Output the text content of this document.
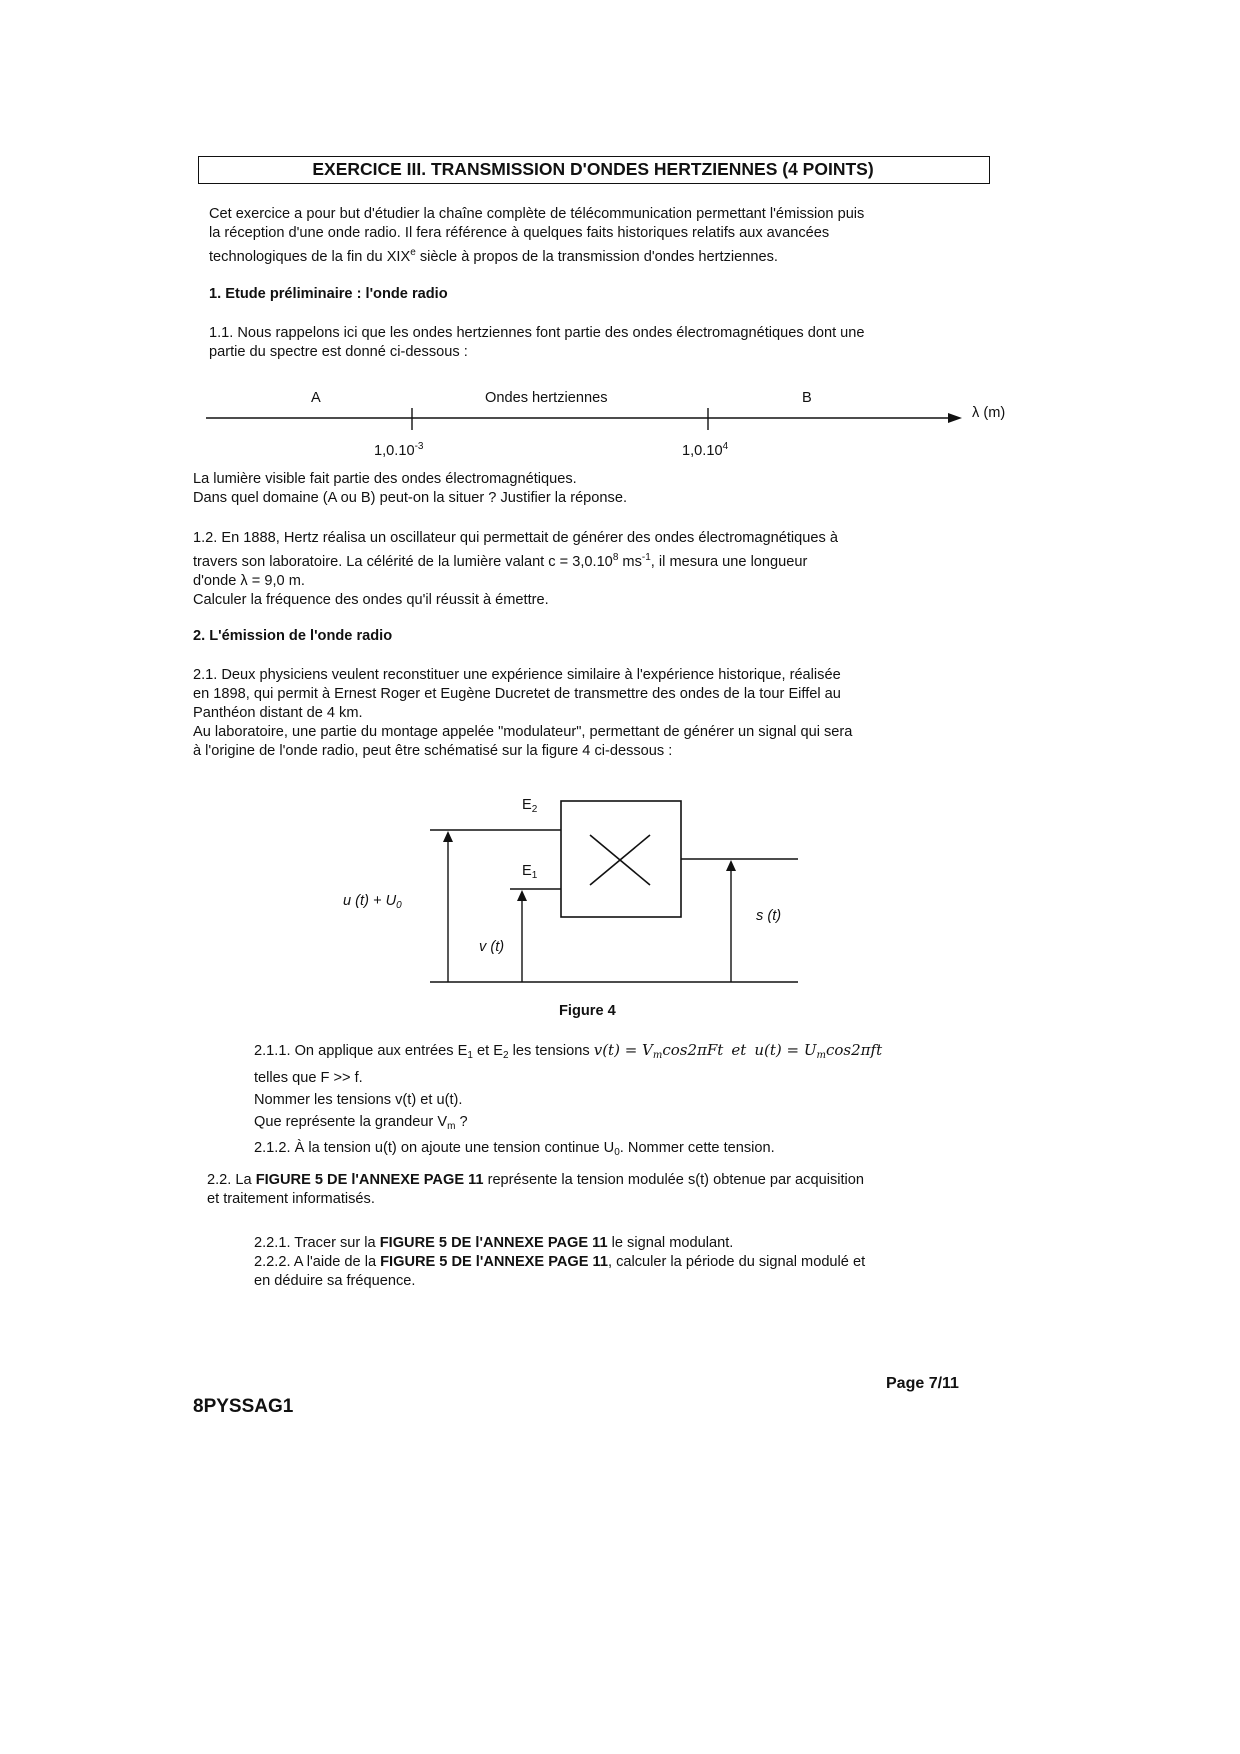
EXERCICE III. TRANSMISSION D'ONDES HERTZIENNES (4 POINTS)

Cet exercice a pour but d'étudier la chaîne complète de télécommunication permettant l'émission puis

la réception d'une onde radio. Il fera référence à quelques faits historiques relatifs aux avancées

technologiques de la fin du XIXe siècle à propos de la transmission d'ondes hertziennes.

1. Etude préliminaire : l'onde radio

1.1. Nous rappelons ici que les ondes hertziennes font partie des ondes électromagnétiques dont une

partie du spectre est donné ci-dessous :

A	Ondes hertziennes	B
λ (m)
$1,0.10^{-3}$	1,0.10$^4$

La lumière visible fait partie des ondes électromagnétiques.

Dans quel domaine (A ou B) peut-on la situer ? Justifier la réponse.

1.2. En 1888, Hertz réalisa un oscillateur qui permettait de générer des ondes électromagnétiques à

travers son laboratoire. La célérité de la lumière valant $c = 3,0.10^8$ $ms^{-1}$, il mesura une longueur

d'onde λ = 9,0 m.

Calculer la fréquence des ondes qu'il réussit à émettre.

2. L'émission de l'onde radio

2.1. Deux physiciens veulent reconstituer une expérience similaire à l'expérience historique, réalisée

en 1898, qui permit à Ernest Roger et Eugène Ducretet de transmettre des ondes de la tour Eiffel au

Panthéon distant de 4 km.

Au laboratoire, une partie du montage appelée "modulateur", permettant de générer un signal qui sera

à l'origine de l'onde radio, peut être schématisé sur la figure 4 ci-dessous :

$E_2$
$E_1$
u $(t) + U_0$
v (t)
s (t)
Figure 4

2.1.1. On applique aux entrées $E_1$ et $E_2$ les tensions $v(t) = V_m\cos 2\pi Ft$ et $u(t) = U_m\cos 2\pi ft$

telles que F >> f.

Nommer les tensions v(t) et u(t).

Que représente la grandeur $V_m$ ?

2.1.2. À la tension u(t) on ajoute une tension continue $U_0$. Nommer cette tension.

2.2. La FIGURE 5 DE l'ANNEXE PAGE 11 représente la tension modulée s(t) obtenue par acquisition

et traitement informatisés.

2.2.1. Tracer sur la FIGURE 5 DE l'ANNEXE PAGE 11 le signal modulant.

2.2.2. A l'aide de la FIGURE 5 DE l'ANNEXE PAGE 11, calculer la période du signal modulé et

en déduire sa fréquence.

Page 7/11
8PYSSAG1
